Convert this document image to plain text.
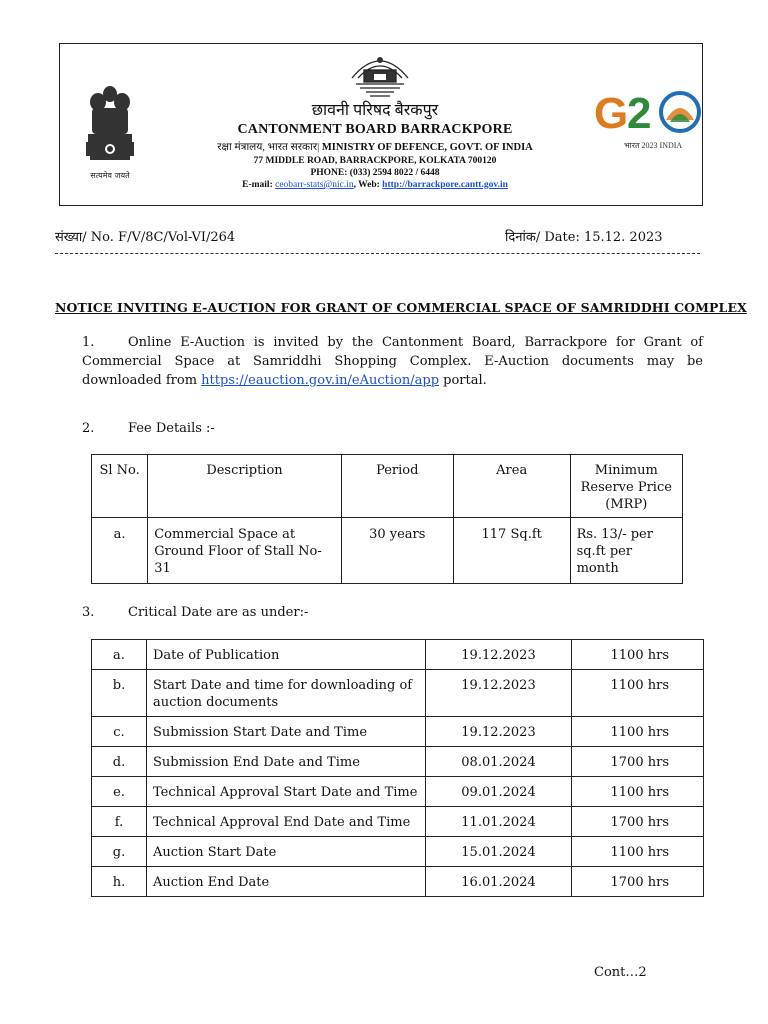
सत्यमेव जयते
छावनी परिषद बैरकपुर
CANTONMENT BOARD BARRACKPORE
रक्षा मंत्रालय, भारत सरकार| MINISTRY OF DEFENCE, GOVT. OF INDIA
77 MIDDLE ROAD, BARRACKPORE, KOLKATA 700120
PHONE: (033) 2594 8022 / 6448
E-mail: ceobarr-stats@nic.in, Web: http://barrackpore.cantt.gov.in
G
2
भारत 2023 INDIA
संख्या/ No. F/V/8C/Vol-VI/264	दिनांक/ Date: 15.12. 2023
NOTICE INVITING E-AUCTION FOR GRANT OF COMMERCIAL SPACE OF SAMRIDDHI COMPLEX
1.	Online E-Auction is invited by the Cantonment Board, Barrackpore for Grant of Commercial Space at Samriddhi Shopping Complex. E-Auction documents may be downloaded from https://eauction.gov.in/eAuction/app portal.
2.	Fee Details :-
Sl No.	Description	Period	Area	Minimum Reserve Price (MRP)
a.	Commercial Space at Ground Floor of Stall No- 31	30 years	117 Sq.ft	Rs. 13/- per sq.ft per month
3.	Critical Date are as under:-
a.	Date of Publication	19.12.2023	1100 hrs
b.	Start Date and time for downloading of auction documents	19.12.2023	1100 hrs
c.	Submission Start Date and Time	19.12.2023	1100 hrs
d.	Submission End Date and Time	08.01.2024	1700 hrs
e.	Technical Approval Start Date and Time	09.01.2024	1100 hrs
f.	Technical Approval End Date and Time	11.01.2024	1700 hrs
g.	Auction Start Date	15.01.2024	1100 hrs
h.	Auction End Date	16.01.2024	1700 hrs
Cont…2
